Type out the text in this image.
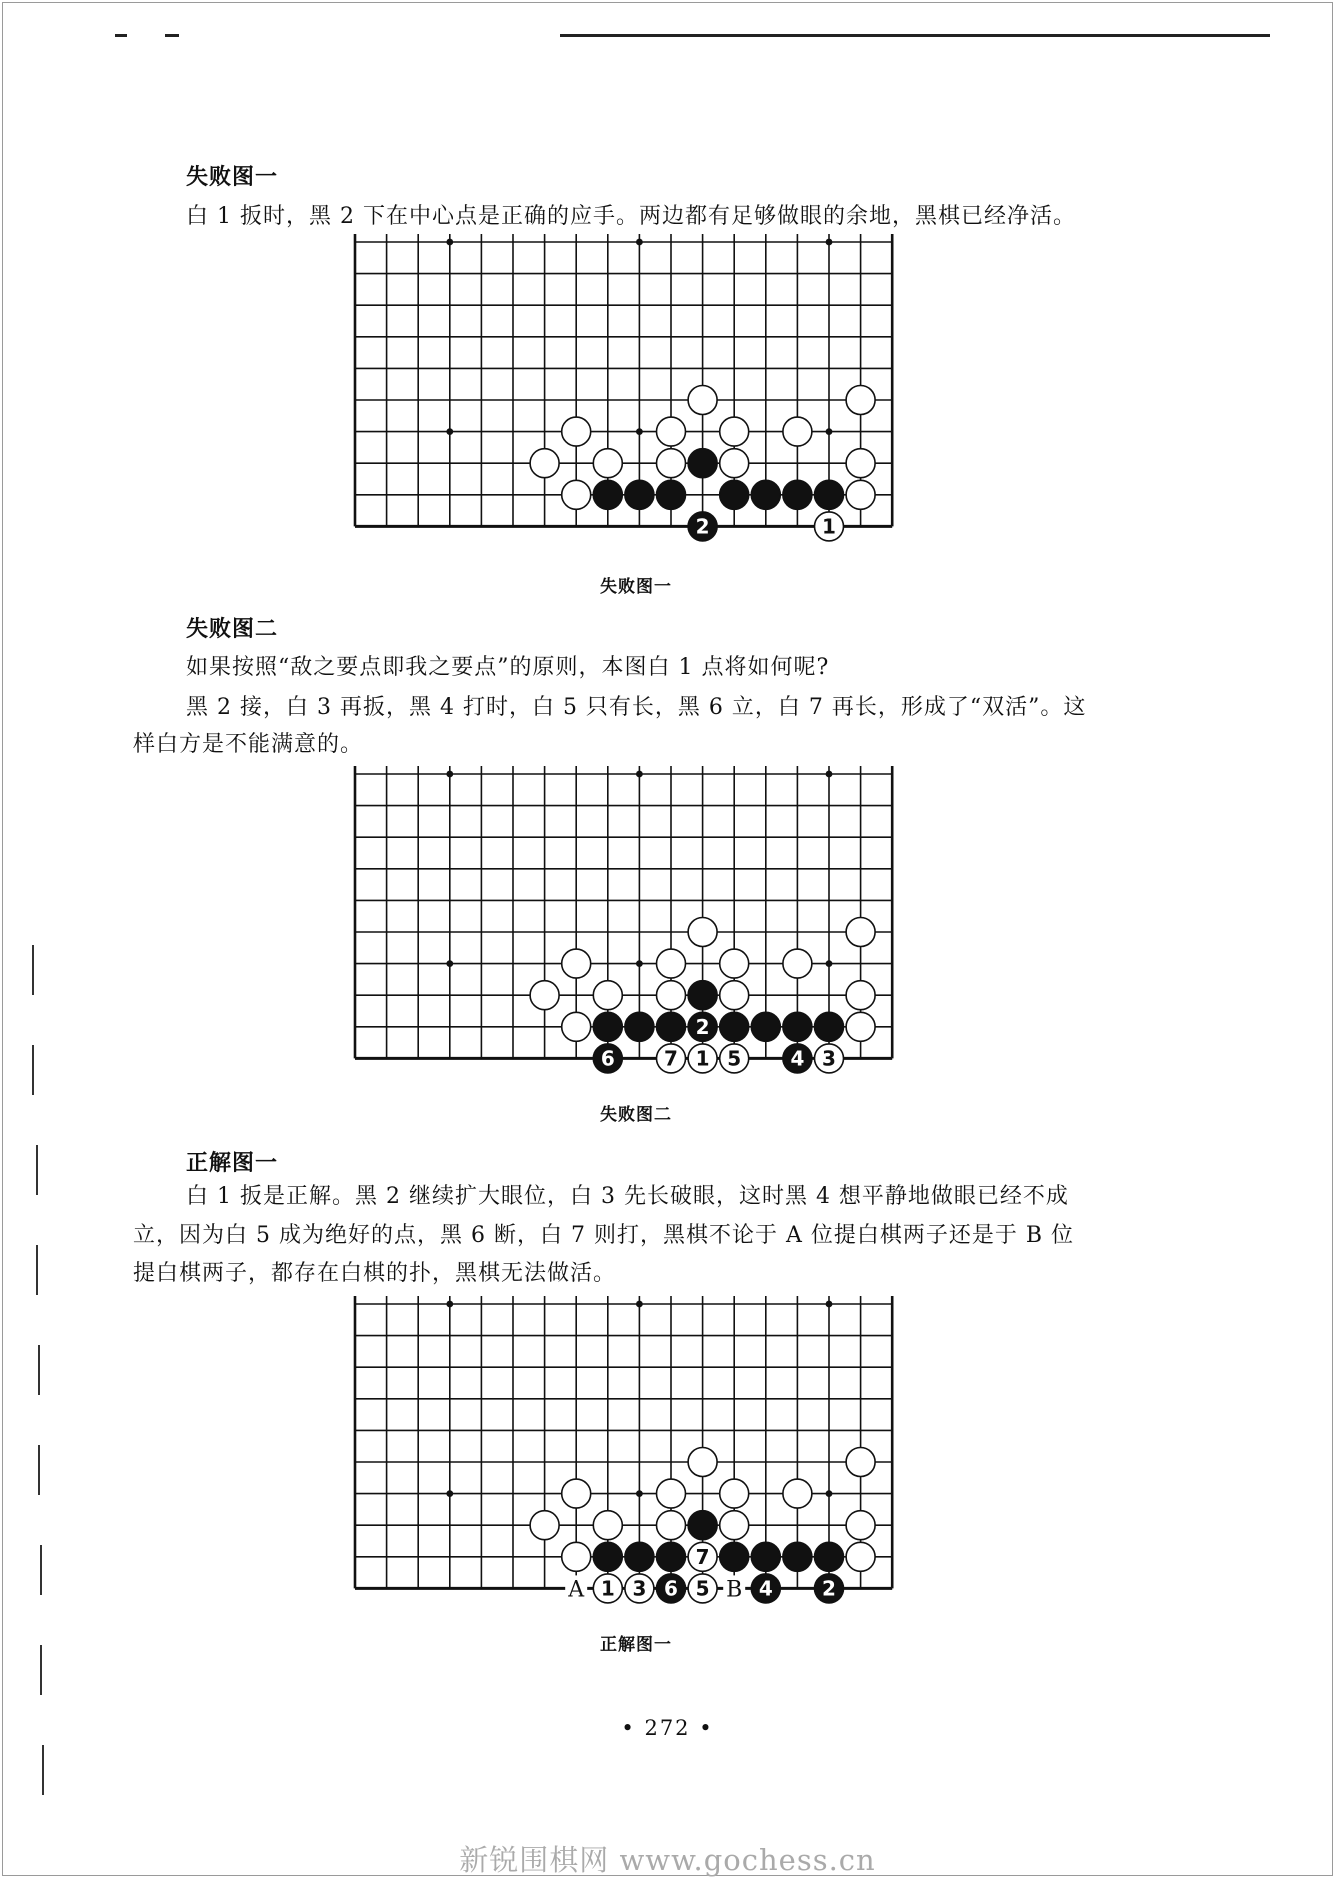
失败图一

白 1 扳时，黑 2 下在中心点是正确的应手。两边都有足够做眼的余地，黑棋已经净活。

2	1

失败图一

失败图二

如果按照“敌之要点即我之要点”的原则，本图白 1 点将如何呢?

黑 2 接，白 3 再扳，黑 4 打时，白 5 只有长，黑 6 立，白 7 再长，形成了“双活”。这

样白方是不能满意的。

2
6 7 1 5 4 3

失败图二

正解图一

白 1 扳是正解。黑 2 继续扩大眼位，白 3 先长破眼，这时黑 4 想平静地做眼已经不成

立，因为白 5 成为绝好的点，黑 6 断，白 7 则打，黑棋不论于 A 位提白棋两子还是于 B 位

提白棋两子，都存在白棋的扑，黑棋无法做活。

7
1 3 6 5 4 2
A	B

正解图一

• 272 •

新锐围棋网 www.gochess.cn
